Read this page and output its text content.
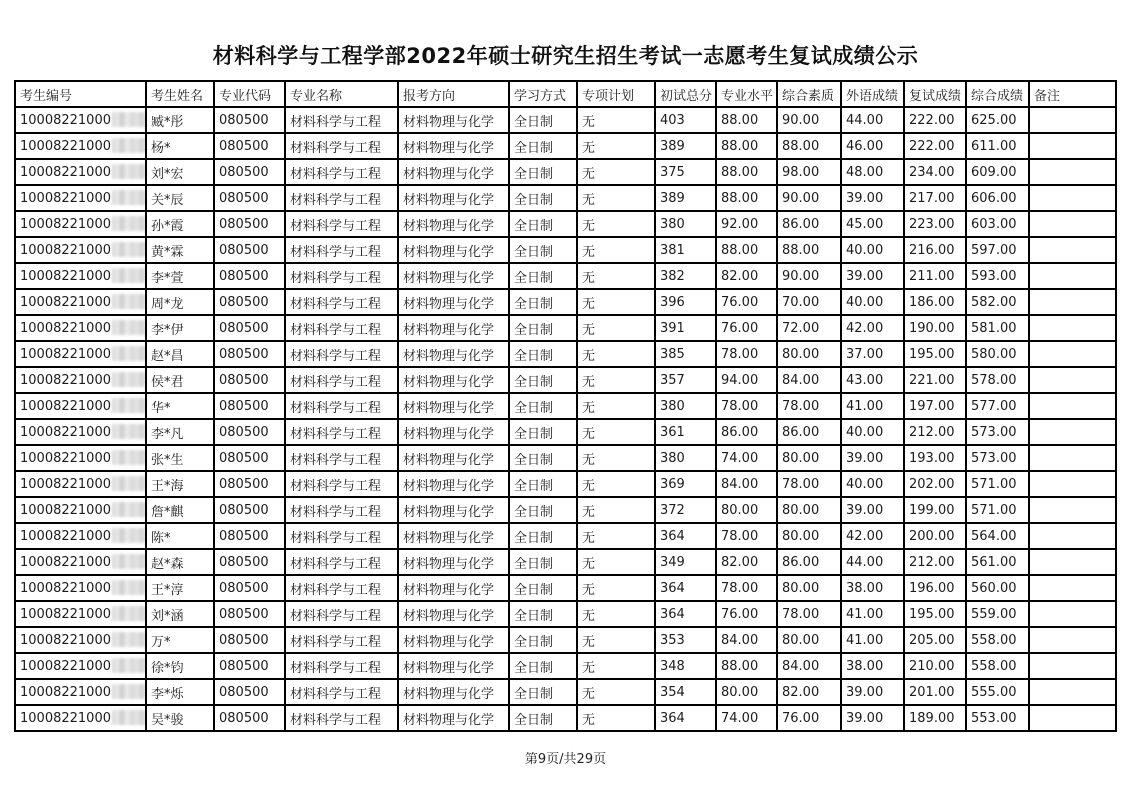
材料科学与工程学部2022年硕士研究生招生考试一志愿考生复试成绩公示
考生编号	考生姓名	专业代码	专业名称	报考方向	学习方式	专项计划	初试总分	专业水平	综合素质	外语成绩	复试成绩	综合成绩	备注
10008221000	臧*彤	080500	材料科学与工程	材料物理与化学	全日制	无	403	88.00	90.00	44.00	222.00	625.00	
10008221000	杨*	080500	材料科学与工程	材料物理与化学	全日制	无	389	88.00	88.00	46.00	222.00	611.00	
10008221000	刘*宏	080500	材料科学与工程	材料物理与化学	全日制	无	375	88.00	98.00	48.00	234.00	609.00	
10008221000	关*辰	080500	材料科学与工程	材料物理与化学	全日制	无	389	88.00	90.00	39.00	217.00	606.00	
10008221000	孙*霞	080500	材料科学与工程	材料物理与化学	全日制	无	380	92.00	86.00	45.00	223.00	603.00	
10008221000	黄*霖	080500	材料科学与工程	材料物理与化学	全日制	无	381	88.00	88.00	40.00	216.00	597.00	
10008221000	李*萱	080500	材料科学与工程	材料物理与化学	全日制	无	382	82.00	90.00	39.00	211.00	593.00	
10008221000	周*龙	080500	材料科学与工程	材料物理与化学	全日制	无	396	76.00	70.00	40.00	186.00	582.00	
10008221000	李*伊	080500	材料科学与工程	材料物理与化学	全日制	无	391	76.00	72.00	42.00	190.00	581.00	
10008221000	赵*昌	080500	材料科学与工程	材料物理与化学	全日制	无	385	78.00	80.00	37.00	195.00	580.00	
10008221000	侯*君	080500	材料科学与工程	材料物理与化学	全日制	无	357	94.00	84.00	43.00	221.00	578.00	
10008221000	华*	080500	材料科学与工程	材料物理与化学	全日制	无	380	78.00	78.00	41.00	197.00	577.00	
10008221000	李*凡	080500	材料科学与工程	材料物理与化学	全日制	无	361	86.00	86.00	40.00	212.00	573.00	
10008221000	张*生	080500	材料科学与工程	材料物理与化学	全日制	无	380	74.00	80.00	39.00	193.00	573.00	
10008221000	王*海	080500	材料科学与工程	材料物理与化学	全日制	无	369	84.00	78.00	40.00	202.00	571.00	
10008221000	詹*麒	080500	材料科学与工程	材料物理与化学	全日制	无	372	80.00	80.00	39.00	199.00	571.00	
10008221000	陈*	080500	材料科学与工程	材料物理与化学	全日制	无	364	78.00	80.00	42.00	200.00	564.00	
10008221000	赵*森	080500	材料科学与工程	材料物理与化学	全日制	无	349	82.00	86.00	44.00	212.00	561.00	
10008221000	王*淳	080500	材料科学与工程	材料物理与化学	全日制	无	364	78.00	80.00	38.00	196.00	560.00	
10008221000	刘*涵	080500	材料科学与工程	材料物理与化学	全日制	无	364	76.00	78.00	41.00	195.00	559.00	
10008221000	万*	080500	材料科学与工程	材料物理与化学	全日制	无	353	84.00	80.00	41.00	205.00	558.00	
10008221000	徐*钧	080500	材料科学与工程	材料物理与化学	全日制	无	348	88.00	84.00	38.00	210.00	558.00	
10008221000	李*烁	080500	材料科学与工程	材料物理与化学	全日制	无	354	80.00	82.00	39.00	201.00	555.00	
10008221000	吴*骏	080500	材料科学与工程	材料物理与化学	全日制	无	364	74.00	76.00	39.00	189.00	553.00	
第9页/共29页
